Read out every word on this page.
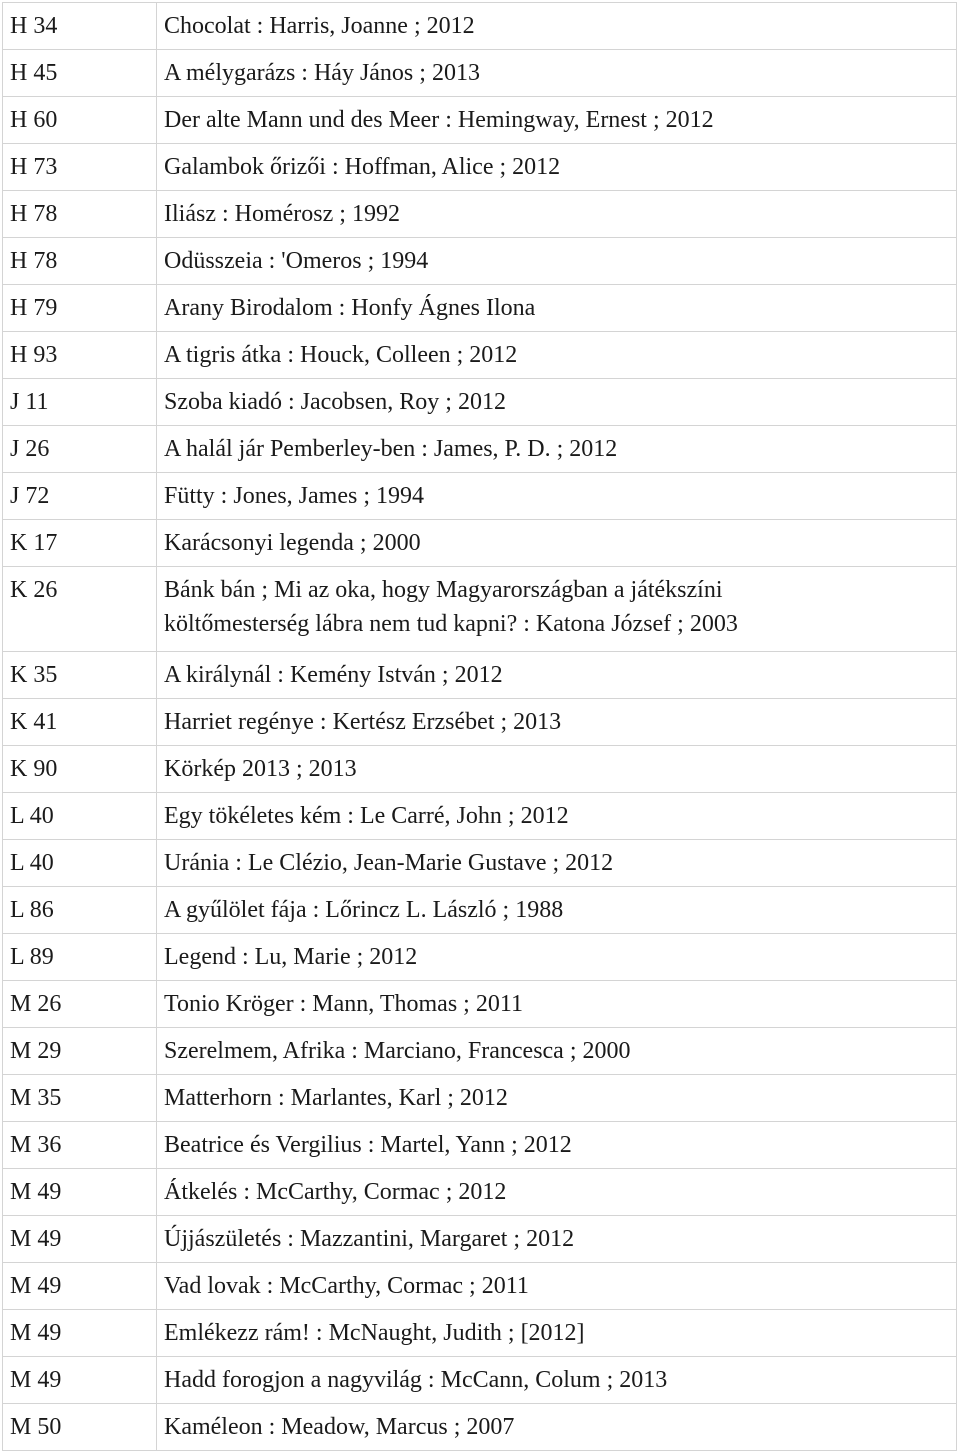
H 34	Chocolat : Harris, Joanne ; 2012
H 45	A mélygarázs : Háy János ; 2013
H 60	Der alte Mann und des Meer : Hemingway, Ernest ; 2012
H 73	Galambok őrizői : Hoffman, Alice ; 2012
H 78	Iliász : Homérosz ; 1992
H 78	Odüsszeia : 'Omeros ; 1994
H 79	Arany Birodalom : Honfy Ágnes Ilona
H 93	A tigris átka : Houck, Colleen ; 2012
J 11	Szoba kiadó : Jacobsen, Roy ; 2012
J 26	A halál jár Pemberley-ben : James, P. D. ; 2012
J 72	Fütty : Jones, James ; 1994
K 17	Karácsonyi legenda ; 2000
K 26	Bánk bán ; Mi az oka, hogy Magyarországban a játékszíni
költőmesterség lábra nem tud kapni? : Katona József ; 2003

K 35	A királynál : Kemény István ; 2012
K 41	Harriet regénye : Kertész Erzsébet ; 2013
K 90	Körkép 2013 ; 2013
L 40	Egy tökéletes kém : Le Carré, John ; 2012
L 40	Uránia : Le Clézio, Jean-Marie Gustave ; 2012
L 86	A gyűlölet fája : Lőrincz L. László ; 1988
L 89	Legend : Lu, Marie ; 2012
M 26	Tonio Kröger : Mann, Thomas ; 2011
M 29	Szerelmem, Afrika : Marciano, Francesca ; 2000
M 35	Matterhorn : Marlantes, Karl ; 2012
M 36	Beatrice és Vergilius : Martel, Yann ; 2012
M 49	Átkelés : McCarthy, Cormac ; 2012
M 49	Újjászületés : Mazzantini, Margaret ; 2012
M 49	Vad lovak : McCarthy, Cormac ; 2011
M 49	Emlékezz rám! : McNaught, Judith ; [2012]
M 49	Hadd forogjon a nagyvilág : McCann, Colum ; 2013
M 50	Kaméleon : Meadow, Marcus ; 2007
